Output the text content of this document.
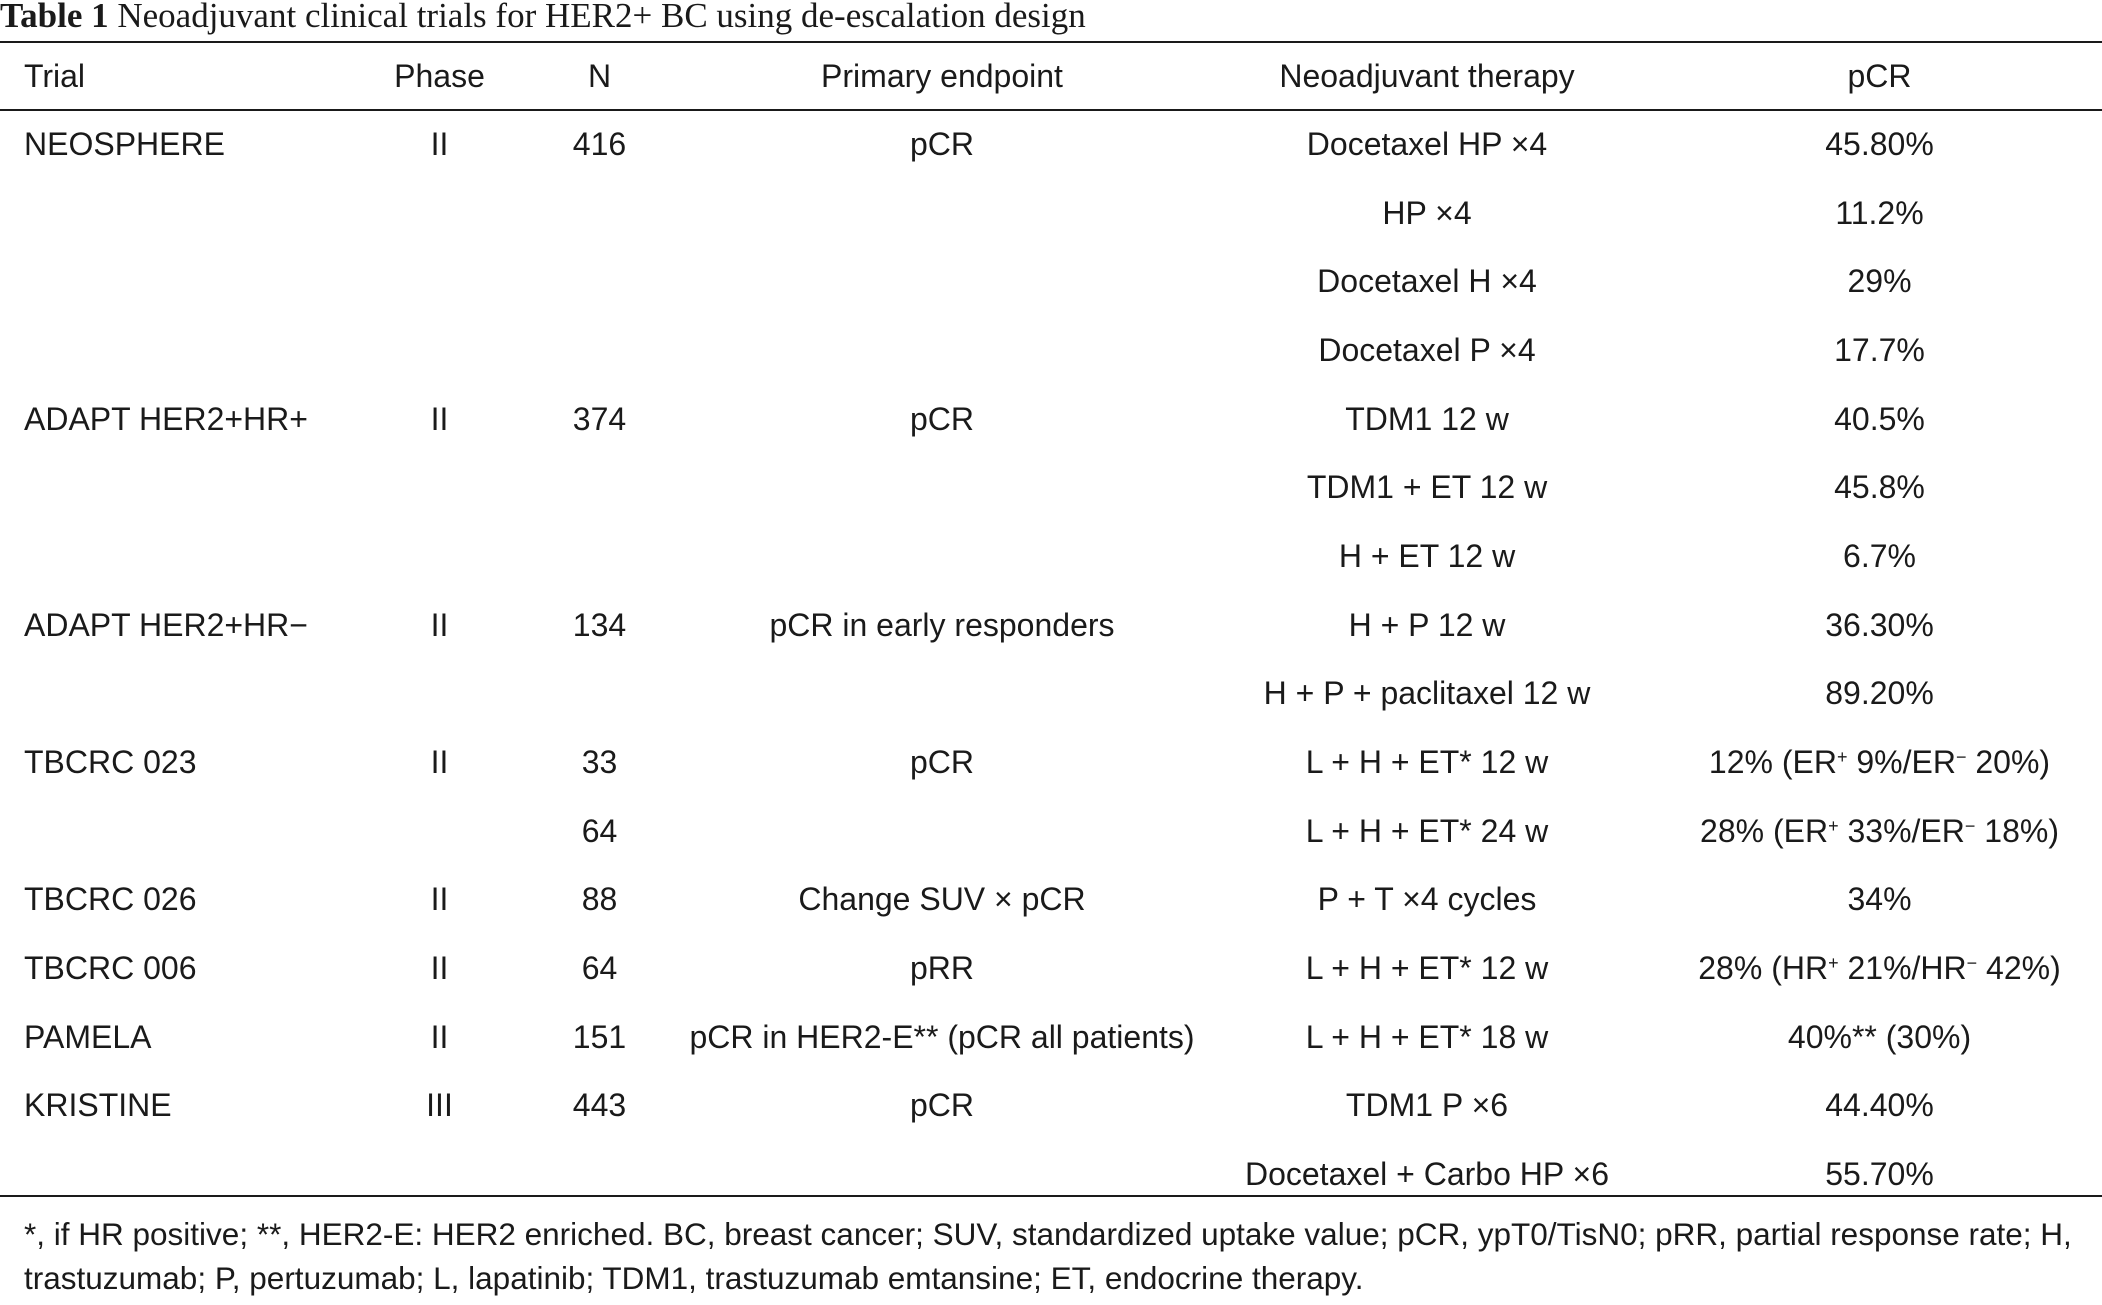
Table 1 Neoadjuvant clinical trials for HER2+ BC using de-escalation design
Trial	Phase	N	Primary endpoint	Neoadjuvant therapy	pCR
NEOSPHERE	II	416	pCR	Docetaxel HP ×4	45.80%
				HP ×4	11.2%
				Docetaxel H ×4	29%
				Docetaxel P ×4	17.7%
ADAPT HER2+HR+	II	374	pCR	TDM1 12 w	40.5%
				TDM1 + ET 12 w	45.8%
				H + ET 12 w	6.7%
ADAPT HER2+HR−	II	134	pCR in early responders	H + P 12 w	36.30%
				H + P + paclitaxel 12 w	89.20%
TBCRC 023	II	33	pCR	L + H + ET* 12 w	12% (ER+ 9%/ER− 20%)
		64		L + H + ET* 24 w	28% (ER+ 33%/ER− 18%)
TBCRC 026	II	88	Change SUV × pCR	P + T ×4 cycles	34%
TBCRC 006	II	64	pRR	L + H + ET* 12 w	28% (HR+ 21%/HR− 42%)
PAMELA	II	151	pCR in HER2-E** (pCR all patients)	L + H + ET* 18 w	40%** (30%)
KRISTINE	III	443	pCR	TDM1 P ×6	44.40%
				Docetaxel + Carbo HP ×6	55.70%
*, if HR positive; **, HER2-E: HER2 enriched. BC, breast cancer; SUV, standardized uptake value; pCR, ypT0/TisN0; pRR, partial response rate; H, trastuzumab; P, pertuzumab; L, lapatinib; TDM1, trastuzumab emtansine; ET, endocrine therapy.
